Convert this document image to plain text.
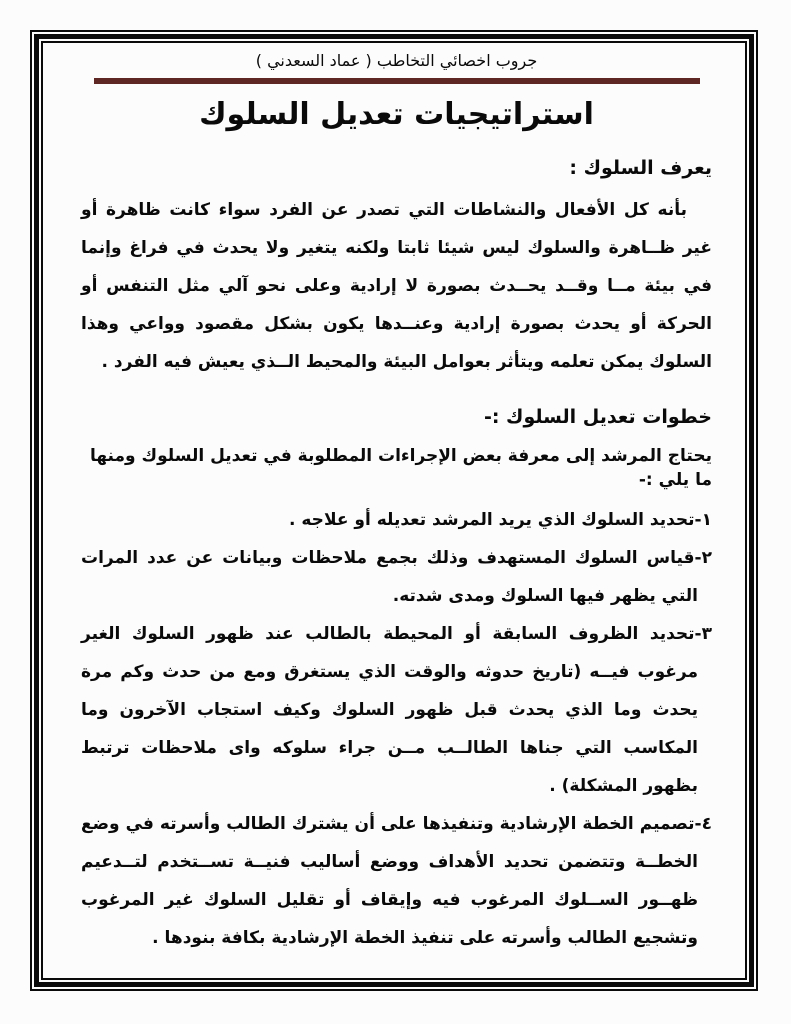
جروب اخصائي التخاطب ( عماد السعدني )
استراتيجيات تعديل السلوك
يعرف السلوك :

بأنه كل الأفعال والنشاطات التي تصدر عن الفرد سواء كانت ظاهرة أو غير ظــاهرة والسلوك ليس شيئا ثابتا ولكنه يتغير ولا يحدث في فراغ وإنما في بيئة مــا وقــد يحــدث بصورة لا إرادية وعلى نحو آلي مثل التنفس أو الحركة أو يحدث بصورة إرادية وعنــدها يكون بشكل مقصود وواعي وهذا السلوك يمكن تعلمه ويتأثر بعوامل البيئة والمحيط الــذي يعيش فيه الفرد .

خطوات تعديل السلوك :-

يحتاج المرشد إلى معرفة بعض الإجراءات المطلوبة في تعديل السلوك ومنها ما يلي :-

١-تحديد السلوك الذي يريد المرشد تعديله أو علاجه .

٢-قياس السلوك المستهدف وذلك بجمع ملاحظات وبيانات عن عدد المرات التي يظهر فيها السلوك ومدى شدته.

٣-تحديد الظروف السابقة أو المحيطة بالطالب عند ظهور السلوك الغير مرغوب فيــه (تاريخ حدوثه والوقت الذي يستغرق ومع من حدث وكم مرة يحدث وما الذي يحدث قبل ظهور السلوك وكيف استجاب الآخرون وما المكاسب التي جناها الطالــب مــن جراء سلوكه واى ملاحظات ترتبط بظهور المشكلة) .

٤-تصميم الخطة الإرشادية وتنفيذها على أن يشترك الطالب وأسرته في وضع الخطــة وتتضمن تحديد الأهداف ووضع أساليب فنيــة تســتخدم لتــدعيم ظهــور الســلوك المرغوب فيه وإيقاف أو تقليل السلوك غير المرغوب وتشجيع الطالب وأسرته على تنفيذ الخطة الإرشادية بكافة بنودها .
